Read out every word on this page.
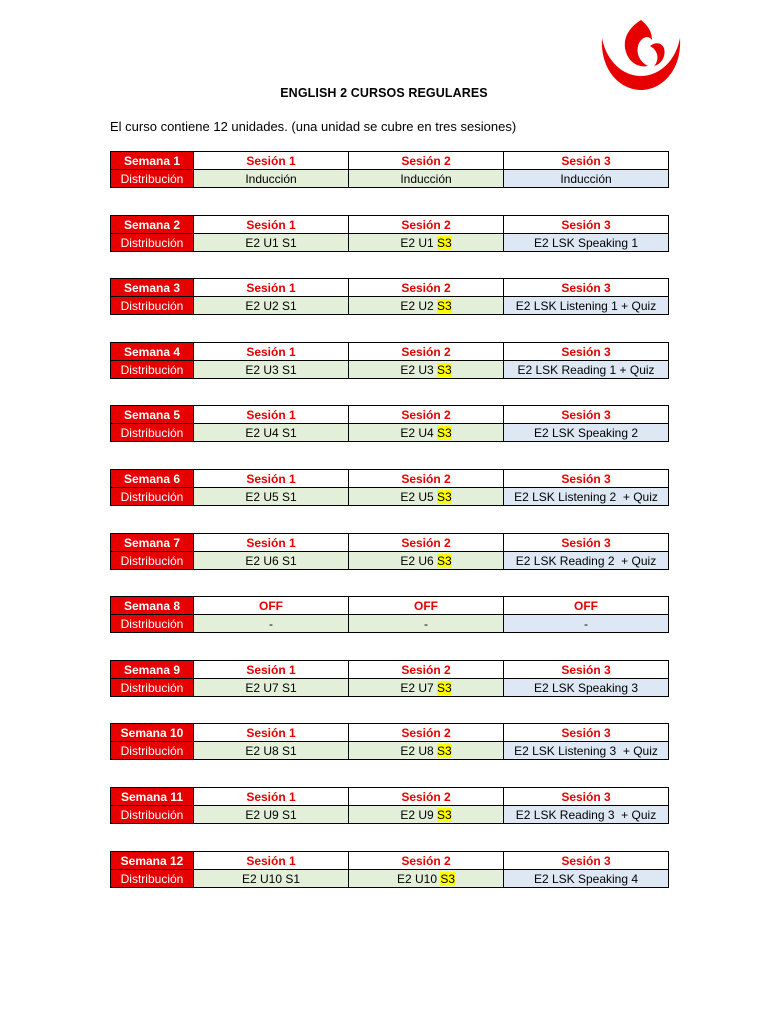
ENGLISH 2 CURSOS REGULARES
El curso contiene 12 unidades. (una unidad se cubre en tres sesiones)
Semana 1	Sesión 1	Sesión 2	Sesión 3
Distribución	Inducción	Inducción	Inducción
Semana 2	Sesión 1	Sesión 2	Sesión 3
Distribución	E2 U1 S1	E2 U1 S3	E2 LSK Speaking 1
Semana 3	Sesión 1	Sesión 2	Sesión 3
Distribución	E2 U2 S1	E2 U2 S3	E2 LSK Listening 1 + Quiz
Semana 4	Sesión 1	Sesión 2	Sesión 3
Distribución	E2 U3 S1	E2 U3 S3	E2 LSK Reading 1 + Quiz
Semana 5	Sesión 1	Sesión 2	Sesión 3
Distribución	E2 U4 S1	E2 U4 S3	E2 LSK Speaking 2
Semana 6	Sesión 1	Sesión 2	Sesión 3
Distribución	E2 U5 S1	E2 U5 S3	E2 LSK Listening 2  + Quiz
Semana 7	Sesión 1	Sesión 2	Sesión 3
Distribución	E2 U6 S1	E2 U6 S3	E2 LSK Reading 2  + Quiz
Semana 8	OFF	OFF	OFF
Distribución	-	-	-
Semana 9	Sesión 1	Sesión 2	Sesión 3
Distribución	E2 U7 S1	E2 U7 S3	E2 LSK Speaking 3
Semana 10	Sesión 1	Sesión 2	Sesión 3
Distribución	E2 U8 S1	E2 U8 S3	E2 LSK Listening 3  + Quiz
Semana 11	Sesión 1	Sesión 2	Sesión 3
Distribución	E2 U9 S1	E2 U9 S3	E2 LSK Reading 3  + Quiz
Semana 12	Sesión 1	Sesión 2	Sesión 3
Distribución	E2 U10 S1	E2 U10 S3	E2 LSK Speaking 4
